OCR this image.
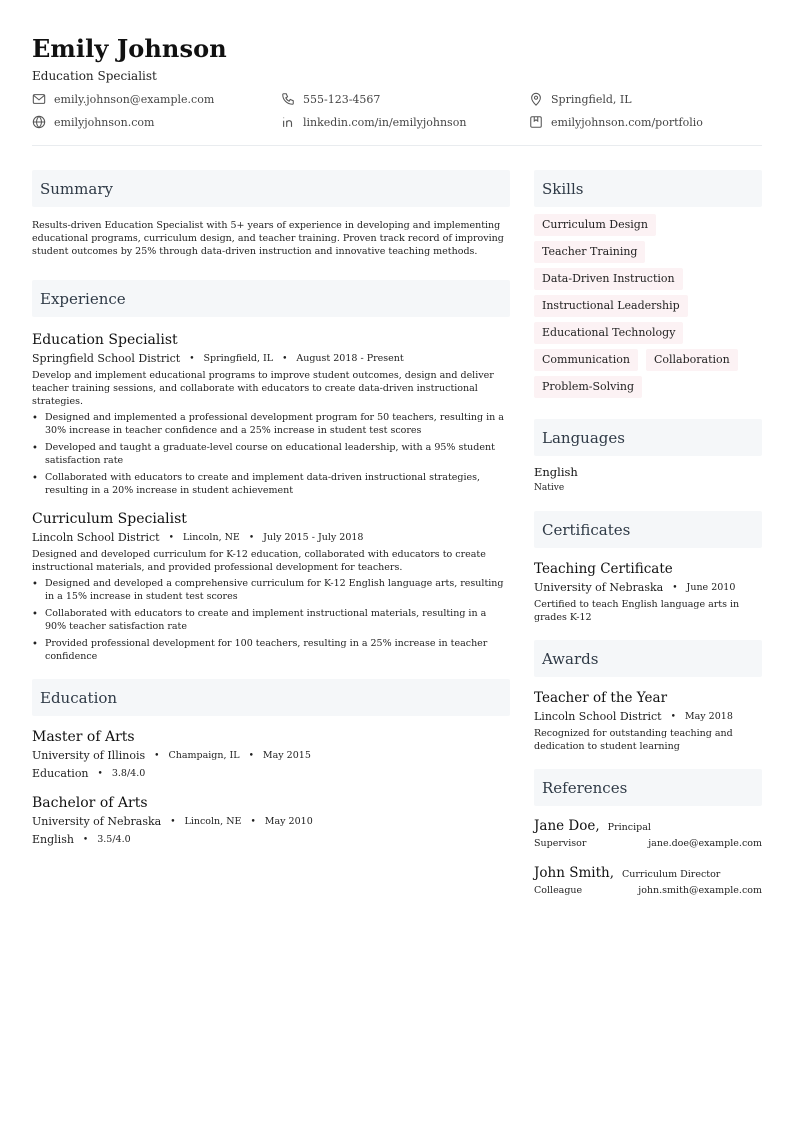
Emily Johnson
Education Specialist
emily.johnson@example.com	555-123-4567	Springfield, IL
emilyjohnson.com	linkedin.com/in/emilyjohnson	emilyjohnson.com/portfolio
Summary
Results-driven Education Specialist with 5+ years of experience in developing and implementing educational programs, curriculum design, and teacher training. Proven track record of improving student outcomes by 25% through data-driven instruction and innovative teaching methods.
Experience
Education Specialist
Springfield School District • Springfield, IL • August 2018 - Present
Develop and implement educational programs to improve student outcomes, design and deliver teacher training sessions, and collaborate with educators to create data-driven instructional strategies.
• Designed and implemented a professional development program for 50 teachers, resulting in a 30% increase in teacher confidence and a 25% increase in student test scores
• Developed and taught a graduate-level course on educational leadership, with a 95% student satisfaction rate
• Collaborated with educators to create and implement data-driven instructional strategies, resulting in a 20% increase in student achievement
Curriculum Specialist
Lincoln School District • Lincoln, NE • July 2015 - July 2018
Designed and developed curriculum for K-12 education, collaborated with educators to create instructional materials, and provided professional development for teachers.
• Designed and developed a comprehensive curriculum for K-12 English language arts, resulting in a 15% increase in student test scores
• Collaborated with educators to create and implement instructional materials, resulting in a 90% teacher satisfaction rate
• Provided professional development for 100 teachers, resulting in a 25% increase in teacher confidence
Education
Master of Arts
University of Illinois • Champaign, IL • May 2015
Education • 3.8/4.0
Bachelor of Arts
University of Nebraska • Lincoln, NE • May 2010
English • 3.5/4.0
Skills
Curriculum Design
Teacher Training
Data-Driven Instruction
Instructional Leadership
Educational Technology
Communication	Collaboration
Problem-Solving
Languages
English
Native
Certificates
Teaching Certificate
University of Nebraska • June 2010
Certified to teach English language arts in grades K-12
Awards
Teacher of the Year
Lincoln School District • May 2018
Recognized for outstanding teaching and dedication to student learning
References
Jane Doe, Principal
Supervisor	jane.doe@example.com
John Smith, Curriculum Director
Colleague	john.smith@example.com
